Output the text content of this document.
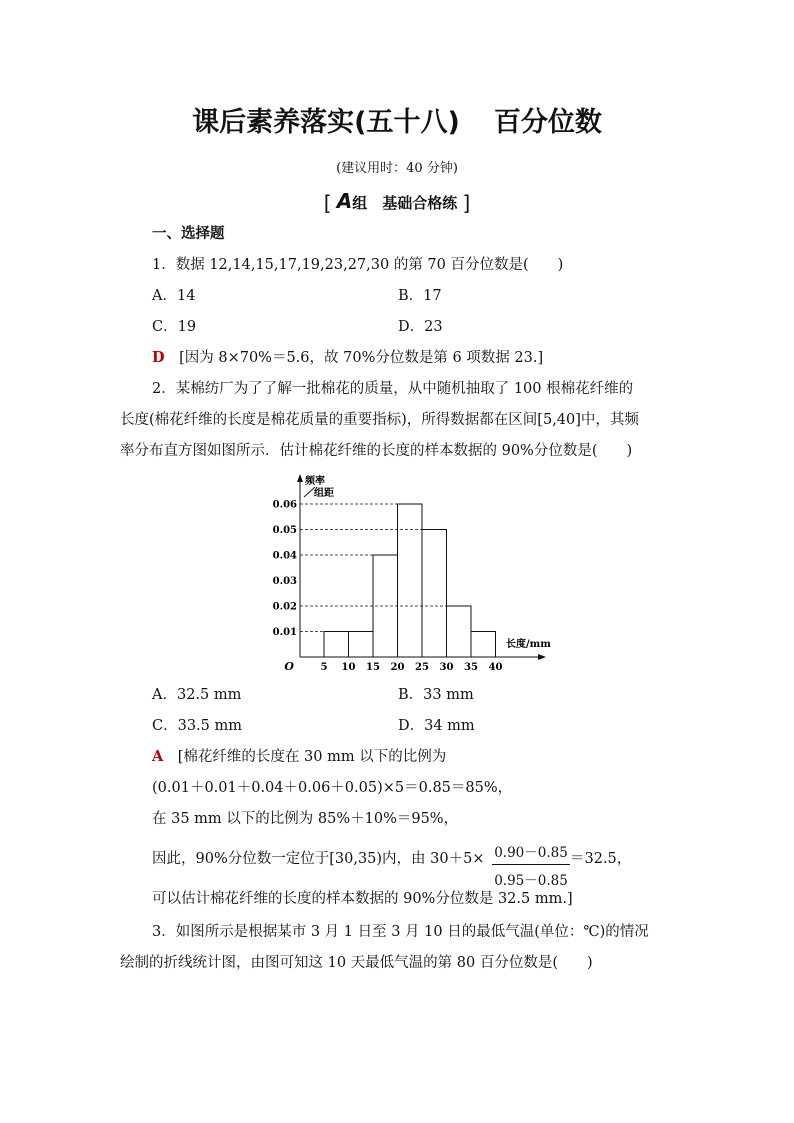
课后素养落实(五十八) 百分位数
(建议用时：40 分钟)
[ A组　基础合格练 ]
一、选择题
1．数据 12,14,15,17,19,23,27,30 的第 70 百分位数是(　　)
A．14	B．17
C．19	D．23
D　 [因为 8×70%＝5.6，故 70%分位数是第 6 项数据 23.]
2．某棉纺厂为了了解一批棉花的质量，从中随机抽取了 100 根棉花纤维的
长度(棉花纤维的长度是棉花质量的重要指标)，所得数据都在区间[5,40]中，其频
率分布直方图如图所示．估计棉花纤维的长度的样本数据的 90%分位数是(　　)
0.01
0.02
0.03
0.04
0.05
0.06
5 10 15 20 25 30 35 40
O
长度/mm
频率
组距
A．32.5 mm	B．33 mm
C．33.5 mm	D．34 mm
A　 [棉花纤维的长度在 30 mm 以下的比例为
(0.01＋0.01＋0.04＋0.06＋0.05)×5＝0.85＝85%，
在 35 mm 以下的比例为 85%＋10%＝95%，
因此，90%分位数一定位于[30,35)内，由 $30+5\times \frac{0.90-0.85}{0.95-0.85} =32.5$，
可以估计棉花纤维的长度的样本数据的 90%分位数是 32.5 mm.]
3．如图所示是根据某市 3 月 1 日至 3 月 10 日的最低气温(单位：℃)的情况
绘制的折线统计图，由图可知这 10 天最低气温的第 80 百分位数是(　　)
